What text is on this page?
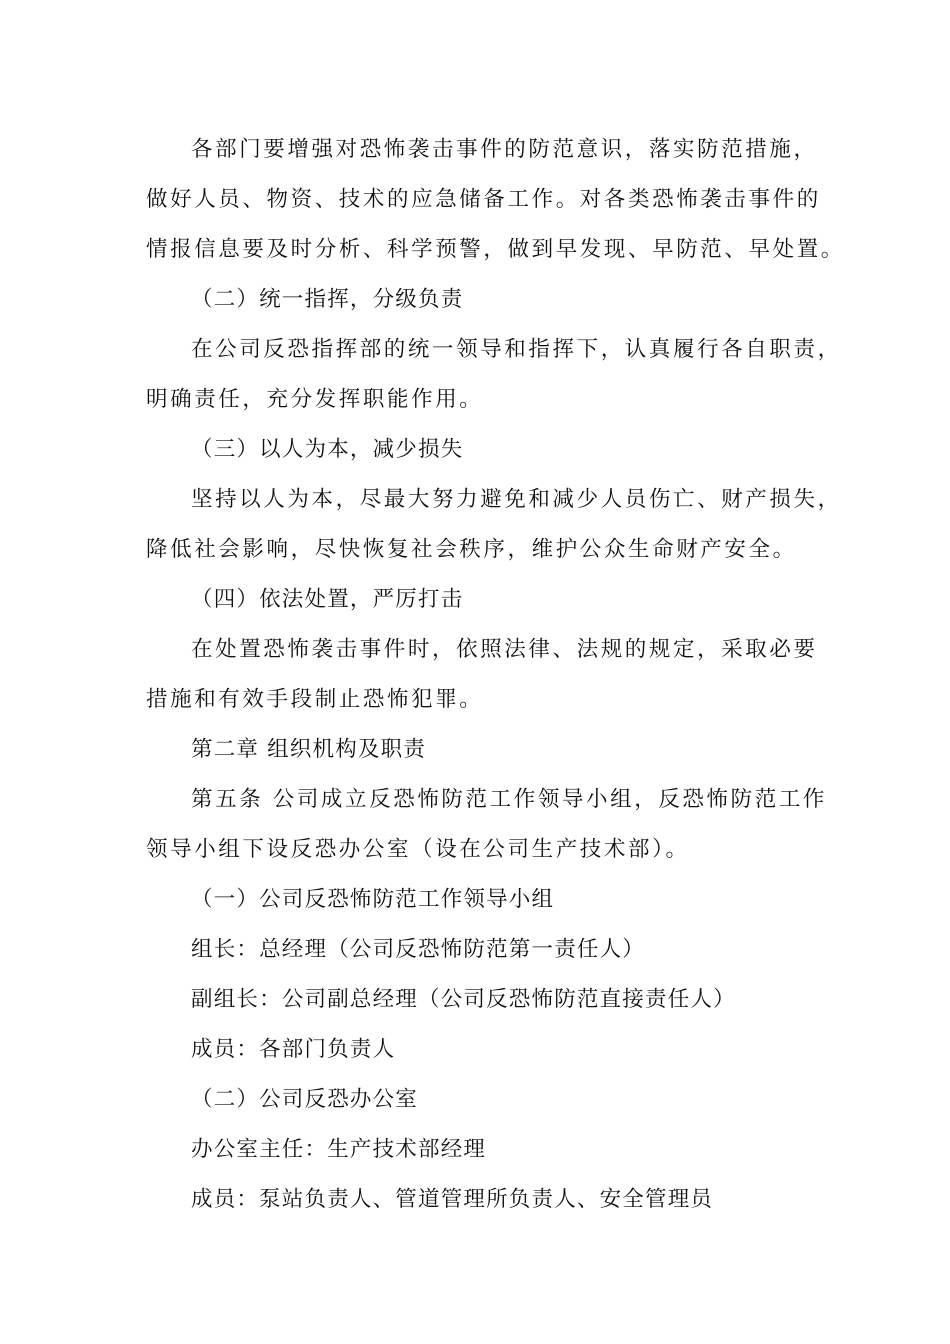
各部门要增强对恐怖袭击事件的防范意识，落实防范措施，
做好人员、物资、技术的应急储备工作。对各类恐怖袭击事件的
情报信息要及时分析、科学预警，做到早发现、早防范、早处置。
（二）统一指挥，分级负责
在公司反恐指挥部的统一领导和指挥下，认真履行各自职责，
明确责任，充分发挥职能作用。
（三）以人为本，减少损失
坚持以人为本，尽最大努力避免和减少人员伤亡、财产损失，
降低社会影响，尽快恢复社会秩序，维护公众生命财产安全。
（四）依法处置，严厉打击
在处置恐怖袭击事件时，依照法律、法规的规定，采取必要
措施和有效手段制止恐怖犯罪。
第二章 组织机构及职责
第五条 公司成立反恐怖防范工作领导小组，反恐怖防范工作
领导小组下设反恐办公室（设在公司生产技术部）。
（一）公司反恐怖防范工作领导小组
组长：总经理（公司反恐怖防范第一责任人）
副组长：公司副总经理（公司反恐怖防范直接责任人）
成员：各部门负责人
（二）公司反恐办公室
办公室主任：生产技术部经理
成员：泵站负责人、管道管理所负责人、安全管理员
